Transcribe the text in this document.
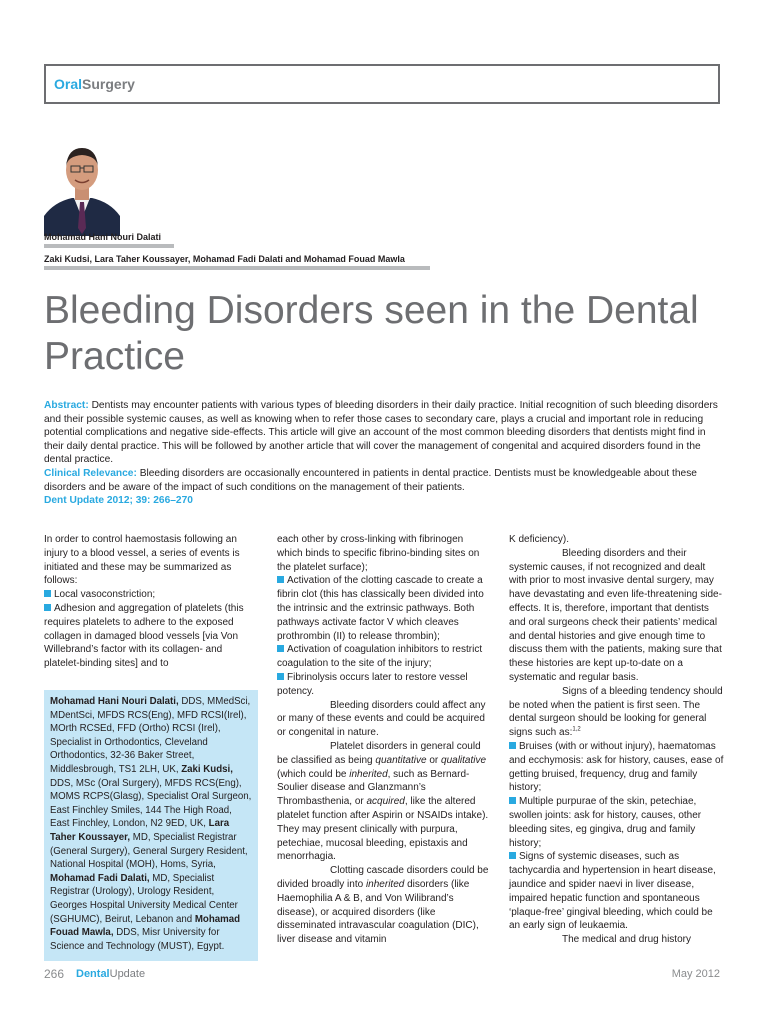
OralSurgery
Mohamad Hani Nouri Dalati
Zaki Kudsi, Lara Taher Koussayer, Mohamad Fadi Dalati and Mohamad Fouad Mawla
Bleeding Disorders seen in the Dental Practice

Abstract: Dentists may encounter patients with various types of bleeding disorders in their daily practice. Initial recognition of such bleeding disorders and their possible systemic causes, as well as knowing when to refer those cases to secondary care, plays a crucial and important role in reducing potential complications and negative side-effects. This article will give an account of the most common bleeding disorders that dentists might find in their daily dental practice. This will be followed by another article that will cover the management of congenital and acquired disorders found in the dental practice.

Clinical Relevance: Bleeding disorders are occasionally encountered in patients in dental practice. Dentists must be knowledgeable about these disorders and be aware of the impact of such conditions on the management of their patients.

Dent Update 2012; 39: 266–270

In order to control haemostasis following an injury to a blood vessel, a series of events is initiated and these may be summarized as follows:

Local vasoconstriction;

Adhesion and aggregation of platelets (this requires platelets to adhere to the exposed collagen in damaged blood vessels [via Von Willebrand’s factor with its collagen- and platelet-binding sites] and to

Mohamad Hani Nouri Dalati, DDS, MMedSci, MDentSci, MFDS RCS(Eng), MFD RCSI(Irel), MOrth RCSEd, FFD (Ortho) RCSI (Irel), Specialist in Orthodontics, Cleveland Orthodontics, 32-36 Baker Street, Middlesbrough, TS1 2LH, UK, Zaki Kudsi, DDS, MSc (Oral Surgery), MFDS RCS(Eng), MOMS RCPS(Glasg), Specialist Oral Surgeon, East Finchley Smiles, 144 The High Road, East Finchley, London, N2 9ED, UK, Lara Taher Koussayer, MD, Specialist Registrar (General Surgery), General Surgery Resident, National Hospital (MOH), Homs, Syria, Mohamad Fadi Dalati, MD, Specialist Registrar (Urology), Urology Resident, Georges Hospital University Medical Center (SGHUMC), Beirut, Lebanon and Mohamad Fouad Mawla, DDS, Misr University for Science and Technology (MUST), Egypt.

each other by cross-linking with fibrinogen which binds to specific fibrino-binding sites on the platelet surface);

Activation of the clotting cascade to create a fibrin clot (this has classically been divided into the intrinsic and the extrinsic pathways. Both pathways activate factor V which cleaves prothrombin (II) to release thrombin);

Activation of coagulation inhibitors to restrict coagulation to the site of the injury;

Fibrinolysis occurs later to restore vessel potency.

Bleeding disorders could affect any or many of these events and could be acquired or congenital in nature.

Platelet disorders in general could be classified as being quantitative or qualitative (which could be inherited, such as Bernard-Soulier disease and Glanzmann’s Thrombasthenia, or acquired, like the altered platelet function after Aspirin or NSAIDs intake). They may present clinically with purpura, petechiae, mucosal bleeding, epistaxis and menorrhagia.

Clotting cascade disorders could be divided broadly into inherited disorders (like Haemophilia A & B, and Von Wilibrand’s disease), or acquired disorders (like disseminated intravascular coagulation (DIC), liver disease and vitamin

K deficiency).

Bleeding disorders and their systemic causes, if not recognized and dealt with prior to most invasive dental surgery, may have devastating and even life-threatening side-effects. It is, therefore, important that dentists and oral surgeons check their patients’ medical and dental histories and give enough time to discuss them with the patients, making sure that these histories are kept up-to-date on a systematic and regular basis.

Signs of a bleeding tendency should be noted when the patient is first seen. The dental surgeon should be looking for general signs such as:$^{1,2}$

Bruises (with or without injury), haematomas and ecchymosis: ask for history, causes, ease of getting bruised, frequency, drug and family history;

Multiple purpurae of the skin, petechiae, swollen joints: ask for history, causes, other bleeding sites, eg gingiva, drug and family history;

Signs of systemic diseases, such as tachycardia and hypertension in heart disease, jaundice and spider naevi in liver disease, impaired hepatic function and spontaneous ‘plaque-free’ gingival bleeding, which could be an early sign of leukaemia.

The medical and drug history

266 DentalUpdate	May 2012
